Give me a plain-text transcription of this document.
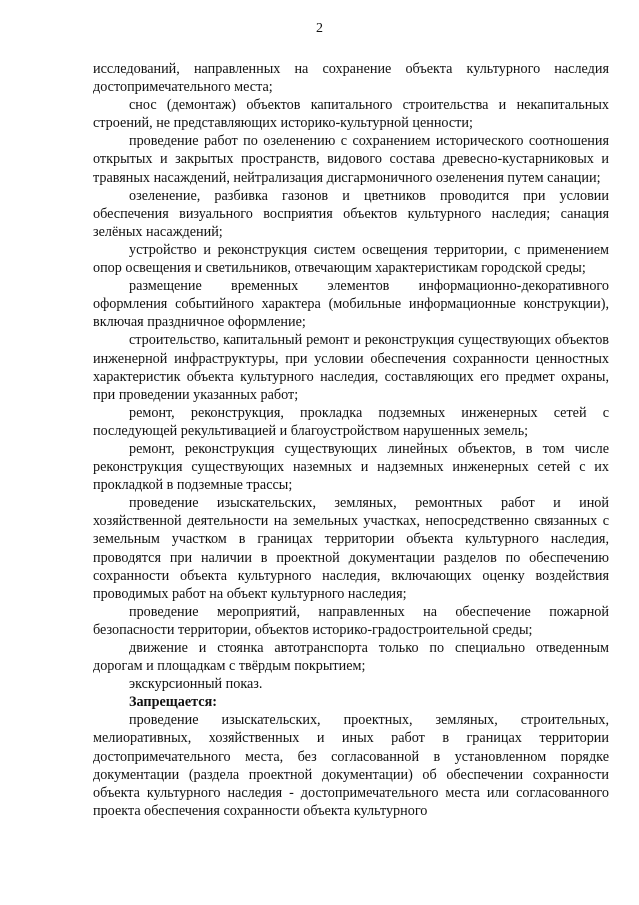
2

исследований, направленных на сохранение объекта культурного наследия достопримечательного места;

снос (демонтаж) объектов капитального строительства и некапитальных строений, не представляющих историко-культурной ценности;

проведение работ по озеленению с сохранением исторического соотношения открытых и закрытых пространств, видового состава древесно-кустарниковых и травяных насаждений, нейтрализация дисгармоничного озеленения путем санации;

озеленение, разбивка газонов и цветников проводится при условии обеспечения визуального восприятия объектов культурного наследия; санация зелёных насаждений;

устройство и реконструкция систем освещения территории, с применением опор освещения и светильников, отвечающим характеристикам городской среды;

размещение временных элементов информационно-декоративного оформления событийного характера (мобильные информационные конструкции), включая праздничное оформление;

строительство, капитальный ремонт и реконструкция существующих объектов инженерной инфраструктуры, при условии обеспечения сохранности ценностных характеристик объекта культурного наследия, составляющих его предмет охраны, при проведении указанных работ;

ремонт, реконструкция, прокладка подземных инженерных сетей с последующей рекультивацией и благоустройством нарушенных земель;

ремонт, реконструкция существующих линейных объектов, в том числе реконструкция существующих наземных и надземных инженерных сетей с их прокладкой в подземные трассы;

проведение изыскательских, земляных, ремонтных работ и иной хозяйственной деятельности на земельных участках, непосредственно связанных с земельным участком в границах территории объекта культурного наследия, проводятся при наличии в проектной документации разделов по обеспечению сохранности объекта культурного наследия, включающих оценку воздействия проводимых работ на объект культурного наследия;

проведение мероприятий, направленных на обеспечение пожарной безопасности территории, объектов историко-градостроительной среды;

движение и стоянка автотранспорта только по специально отведенным дорогам и площадкам с твёрдым покрытием;

экскурсионный показ.

Запрещается:

проведение изыскательских, проектных, земляных, строительных, мелиоративных, хозяйственных и иных работ в границах территории достопримечательного места, без согласованной в установленном порядке документации (раздела проектной документации) об обеспечении сохранности объекта культурного наследия - достопримечательного места или согласованного проекта обеспечения сохранности объекта культурного
